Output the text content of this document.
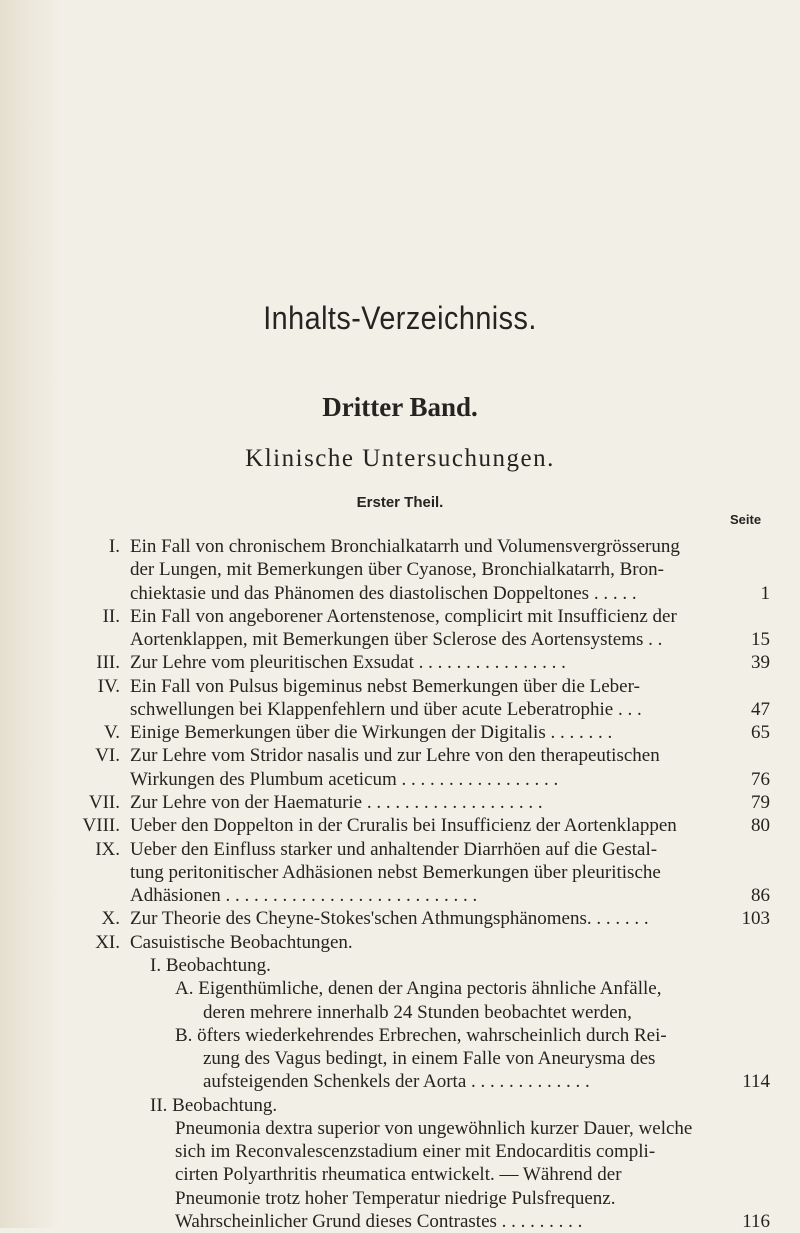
Inhalts-Verzeichniss.
Dritter Band.
Klinische Untersuchungen.
Erster Theil.
Seite
I. Ein Fall von chronischem Bronchialkatarrh und Volumensvergrösserung
der Lungen, mit Bemerkungen über Cyanose, Bronchialkatarrh, Bron-
chiektasie und das Phänomen des diastolischen Doppeltones . . . . .	1
II. Ein Fall von angeborener Aortenstenose, complicirt mit Insufficienz der
Aortenklappen, mit Bemerkungen über Sclerose des Aortensystems . .	15
III. Zur Lehre vom pleuritischen Exsudat . . . . . . . . . . . . . . . .	39
IV. Ein Fall von Pulsus bigeminus nebst Bemerkungen über die Leber-
schwellungen bei Klappenfehlern und über acute Leberatrophie . . .	47
V. Einige Bemerkungen über die Wirkungen der Digitalis . . . . . . .	65
VI. Zur Lehre vom Stridor nasalis und zur Lehre von den therapeutischen
Wirkungen des Plumbum aceticum . . . . . . . . . . . . . . . . .	76
VII. Zur Lehre von der Haematurie . . . . . . . . . . . . . . . . . . .	79
VIII. Ueber den Doppelton in der Cruralis bei Insufficienz der Aortenklappen	80
IX. Ueber den Einfluss starker und anhaltender Diarrhöen auf die Gestal-
tung peritonitischer Adhäsionen nebst Bemerkungen über pleuritische
Adhäsionen . . . . . . . . . . . . . . . . . . . . . . . . . . .	86
X. Zur Theorie des Cheyne-Stokes'schen Athmungsphänomens. . . . . . .	103
XI. Casuistische Beobachtungen.
I. Beobachtung.
A. Eigenthümliche, denen der Angina pectoris ähnliche Anfälle,
deren mehrere innerhalb 24 Stunden beobachtet werden,
B. öfters wiederkehrendes Erbrechen, wahrscheinlich durch Rei-
zung des Vagus bedingt, in einem Falle von Aneurysma des
aufsteigenden Schenkels der Aorta . . . . . . . . . . . . .	114
II. Beobachtung.
Pneumonia dextra superior von ungewöhnlich kurzer Dauer, welche
sich im Reconvalescenzstadium einer mit Endocarditis compli-
cirten Polyarthritis rheumatica entwickelt. — Während der
Pneumonie trotz hoher Temperatur niedrige Pulsfrequenz.
Wahrscheinlicher Grund dieses Contrastes . . . . . . . . .	116
